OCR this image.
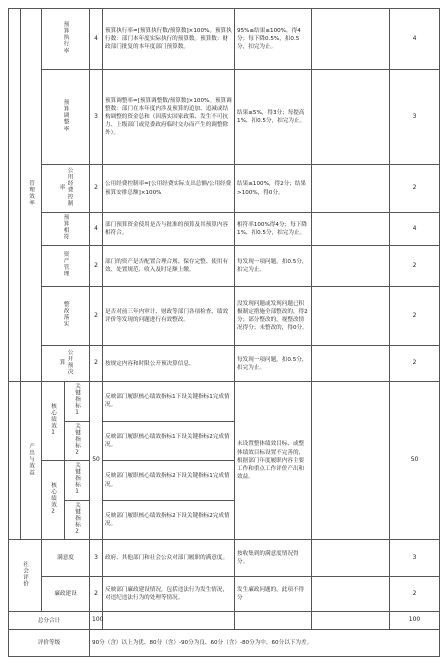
	管理效率	预算执行率		4	预算执行率=[预算执行数/预算数]×100%。预算执行数：部门本年度实际执行的预算数。预算数：财政部门批复的本年度部门预算数。	95%≤结果≤100%，得4分；每下降0.5%，扣0.5分，扣完为止。		4
		预算调整率		3	预算调整率=[预算调整数/预算数]×100%。预算调整数：部门在本年度内涉及预算的追加、追减或结构调整的资金总和（因落实国家政策、发生不可抗力、上级部门或党委政府临时交办而产生的调整除外）。	结果≤5%，得3分；每提高1%，扣0.5分，扣完为止。		3
		公用经费控制率		2	公用经费控制率=[公用经费实际支出总额/公用经费预算安排总额]×100%	结果≤100%，得2分；结果>100%，得0分。		2
		预算相符		4	部门预算资金使用是否与批准的预算及其预算内容相符合。	相符率100%得4分；每下降1%，扣0.5分，扣完为止。		4
		资产管理		2	部门的资产是否配置合理合规、保存完整、使用有效、处置规范、收入及时足额上缴。	每发现一项问题，扣0.5分，扣完为止。		2
		整改落实		2	是否对前三年内审计、财政等部门各项检查、绩效评价等发现的问题进行有效整改。	没发现问题或发现问题已积极制定措施全部整改的，得2分；部分整改的，视整改情况得分；未整改的，得0分。		2
		公开预决算		2	按规定内容和时限公开预决算信息。	每发现一项问题，扣0.5分，扣完为止。		2
	产出与效益	核心绩效1	关键指标1	50	反映部门履职核心绩效指标1下设关键指标1完成情况。	未设置整体绩效目标、或整体绩效目标设置不完善的，根据部门年度履职内容主要工作和重点工作评价产出和效益。		50
			关键指标2		反映部门履职核心绩效指标1下设关键指标2完成情况。			
		核心绩效2	关键指标1		反映部门履职核心绩效指标2下设关键指标1完成情况。			
			关键指标2		反映部门履职核心绩效指标2下设关键指标2完成情况。			
社会评价		满意度		3	政府、其他部门和社会公众对部门履职的满意度。	按收集到的满意度情况得分。		3
		廉政建设		2	反映部门廉政建设情况，包括违法行为发生情况，对违纪违法行为的处理等情况。	发生廉政问题的，此项不得分		2
总分合计				100				100
评价等级				90分（含）以上为优、80分（含）-90分为良、60分（含）-80分为中、60分以下为差。				
